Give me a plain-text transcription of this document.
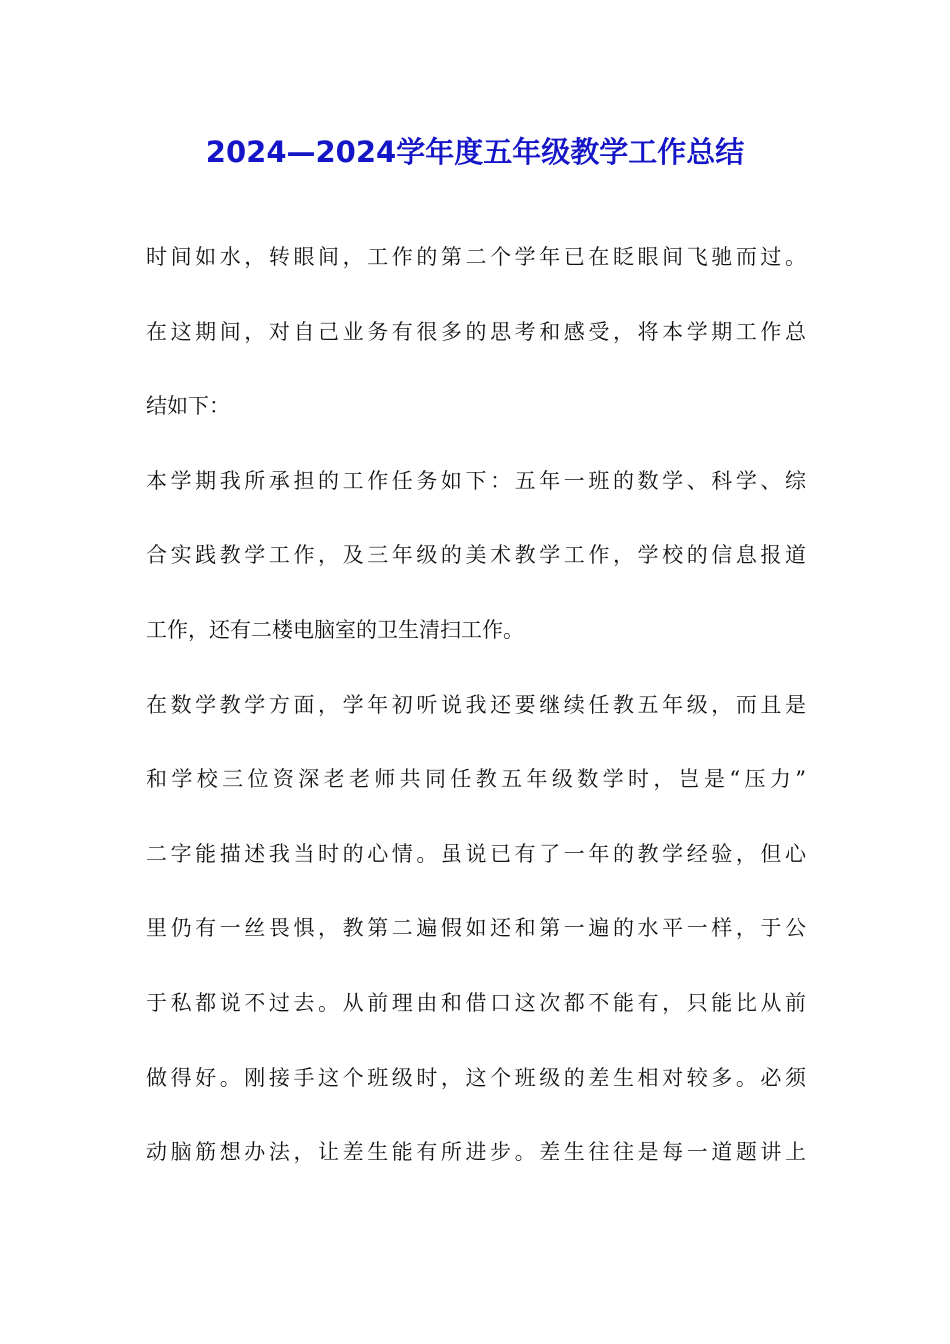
2024—2024学年度五年级教学工作总结
时间如水，转眼间，工作的第二个学年已在眨眼间飞驰而过。
在这期间，对自己业务有很多的思考和感受，将本学期工作总
结如下：
本学期我所承担的工作任务如下：五年一班的数学、科学、综
合实践教学工作，及三年级的美术教学工作，学校的信息报道
工作，还有二楼电脑室的卫生清扫工作。
在数学教学方面，学年初听说我还要继续任教五年级，而且是
和学校三位资深老老师共同任教五年级数学时，岂是“压力”
二字能描述我当时的心情。虽说已有了一年的教学经验，但心
里仍有一丝畏惧，教第二遍假如还和第一遍的水平一样，于公
于私都说不过去。从前理由和借口这次都不能有，只能比从前
做得好。刚接手这个班级时，这个班级的差生相对较多。必须
动脑筋想办法，让差生能有所进步。差生往往是每一道题讲上
